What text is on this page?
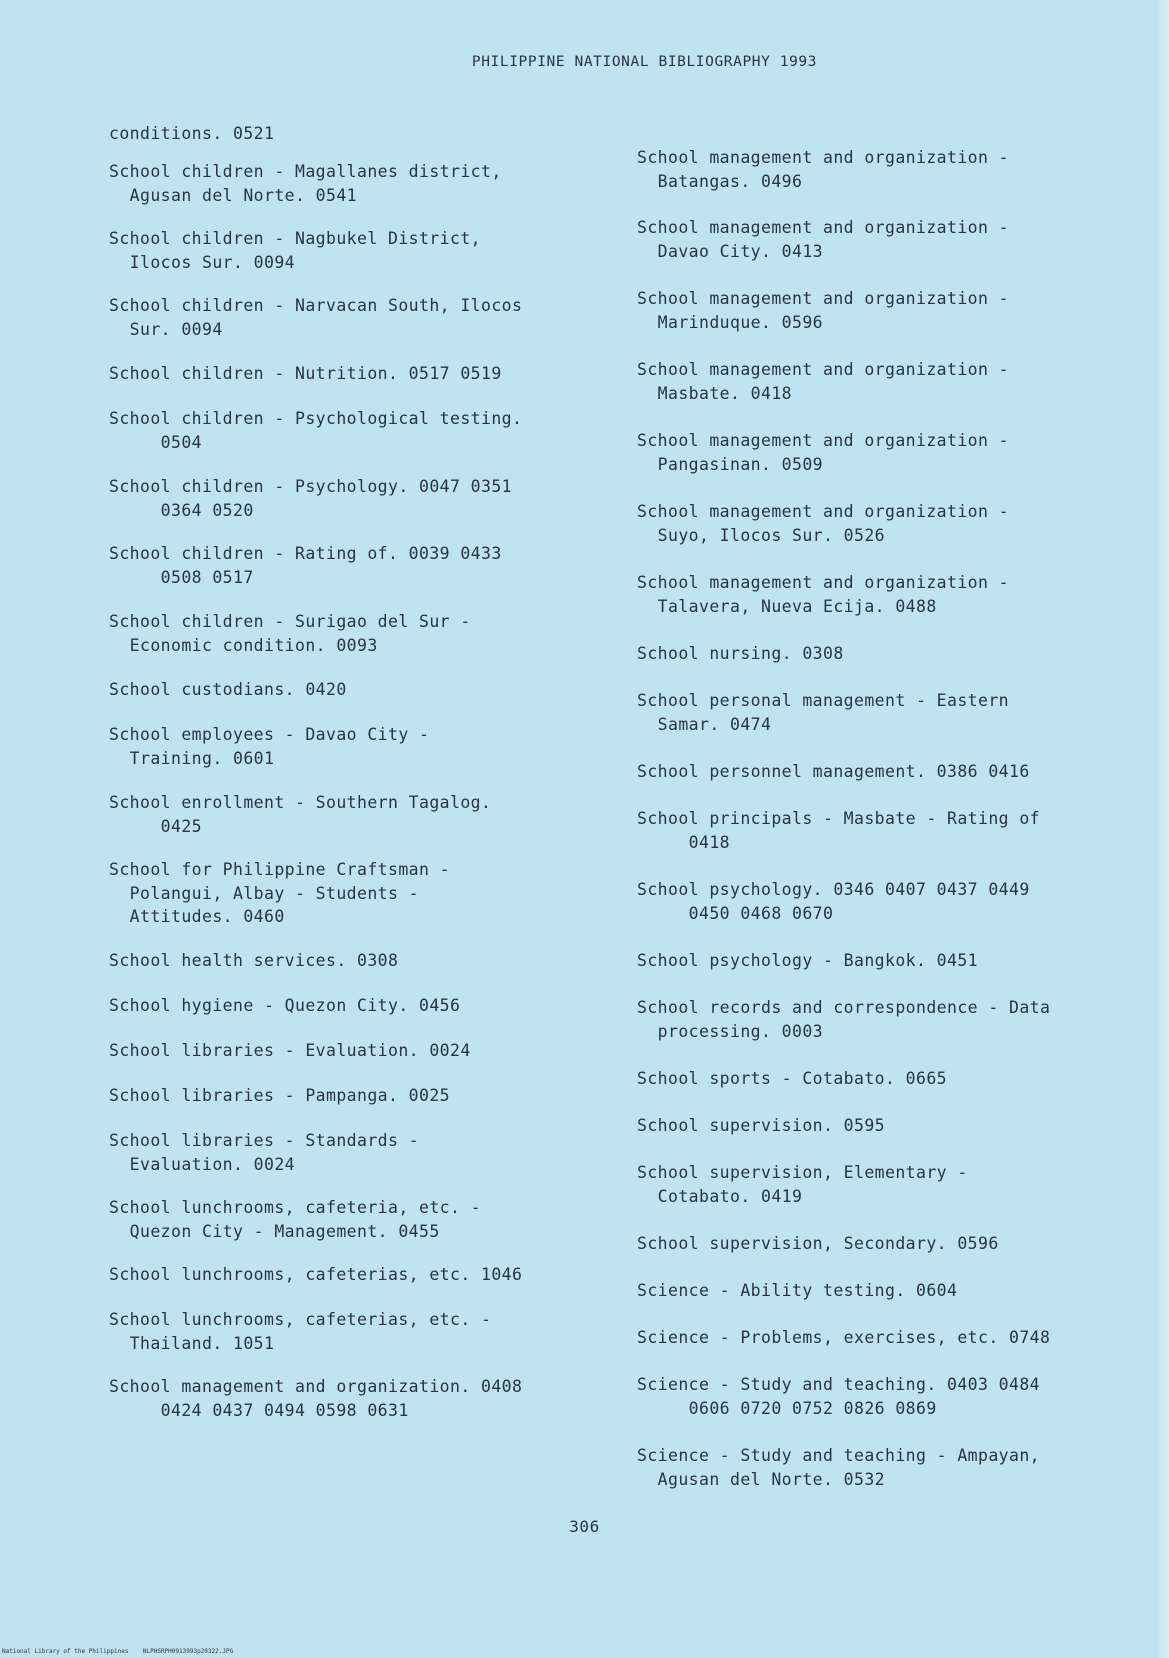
PHILIPPINE NATIONAL BIBLIOGRAPHY 1993

conditions. 0521

School children - Magallanes district,
Agusan del Norte. 0541

School children - Nagbukel District,
Ilocos Sur. 0094

School children - Narvacan South, Ilocos
Sur. 0094

School children - Nutrition. 0517 0519

School children - Psychological testing.
0504

School children - Psychology. 0047 0351
0364 0520

School children - Rating of. 0039 0433
0508 0517

School children - Surigao del Sur -
Economic condition. 0093

School custodians. 0420

School employees - Davao City -
Training. 0601

School enrollment - Southern Tagalog.
0425

School for Philippine Craftsman -
Polangui, Albay - Students -
Attitudes. 0460

School health services. 0308

School hygiene - Quezon City. 0456

School libraries - Evaluation. 0024

School libraries - Pampanga. 0025

School libraries - Standards -
Evaluation. 0024

School lunchrooms, cafeteria, etc. -
Quezon City - Management. 0455

School lunchrooms, cafeterias, etc. 1046

School lunchrooms, cafeterias, etc. -
Thailand. 1051

School management and organization. 0408
0424 0437 0494 0598 0631

School management and organization -
Batangas. 0496

School management and organization -
Davao City. 0413

School management and organization -
Marinduque. 0596

School management and organization -
Masbate. 0418

School management and organization -
Pangasinan. 0509

School management and organization -
Suyo, Ilocos Sur. 0526

School management and organization -
Talavera, Nueva Ecija. 0488

School nursing. 0308

School personal management - Eastern
Samar. 0474

School personnel management. 0386 0416

School principals - Masbate - Rating of
0418

School psychology. 0346 0407 0437 0449
0450 0468 0670

School psychology - Bangkok. 0451

School records and correspondence - Data
processing. 0003

School sports - Cotabato. 0665

School supervision. 0595

School supervision, Elementary -
Cotabato. 0419

School supervision, Secondary. 0596

Science - Ability testing. 0604

Science - Problems, exercises, etc. 0748

Science - Study and teaching. 0403 0484
0606 0720 0752 0826 0869

Science - Study and teaching - Ampayan,
Agusan del Norte. 0532

306
National Library of the Philippines    NLPHSRPH0913993p20322.JPG
